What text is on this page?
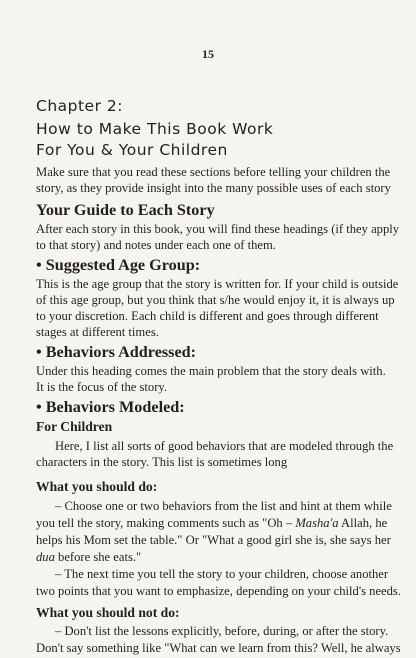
15
Chapter 2:
How to Make This Book Work
For You & Your Children
Make sure that you read these sections before telling your children the
story, as they provide insight into the many possible uses of each story
Your Guide to Each Story
After each story in this book, you will find these headings (if they apply
to that story) and notes under each one of them.
• Suggested Age Group:
This is the age group that the story is written for. If your child is outside
of this age group, but you think that s/he would enjoy it, it is always up
to your discretion. Each child is different and goes through different
stages at different times.
• Behaviors Addressed:
Under this heading comes the main problem that the story deals with.
It is the focus of the story.
• Behaviors Modeled:
For Children
Here, I list all sorts of good behaviors that are modeled through the
characters in the story. This list is sometimes long
What you should do:
– Choose one or two behaviors from the list and hint at them while
you tell the story, making comments such as "Oh – Masha'a Allah, he
helps his Mom set the table." Or "What a good girl she is, she says her
dua before she eats."
– The next time you tell the story to your children, choose another
two points that you want to emphasize, depending on your child's needs.
What you should not do:
– Don't list the lessons explicitly, before, during, or after the story.
Don't say something like "What can we learn from this? Well, he always
